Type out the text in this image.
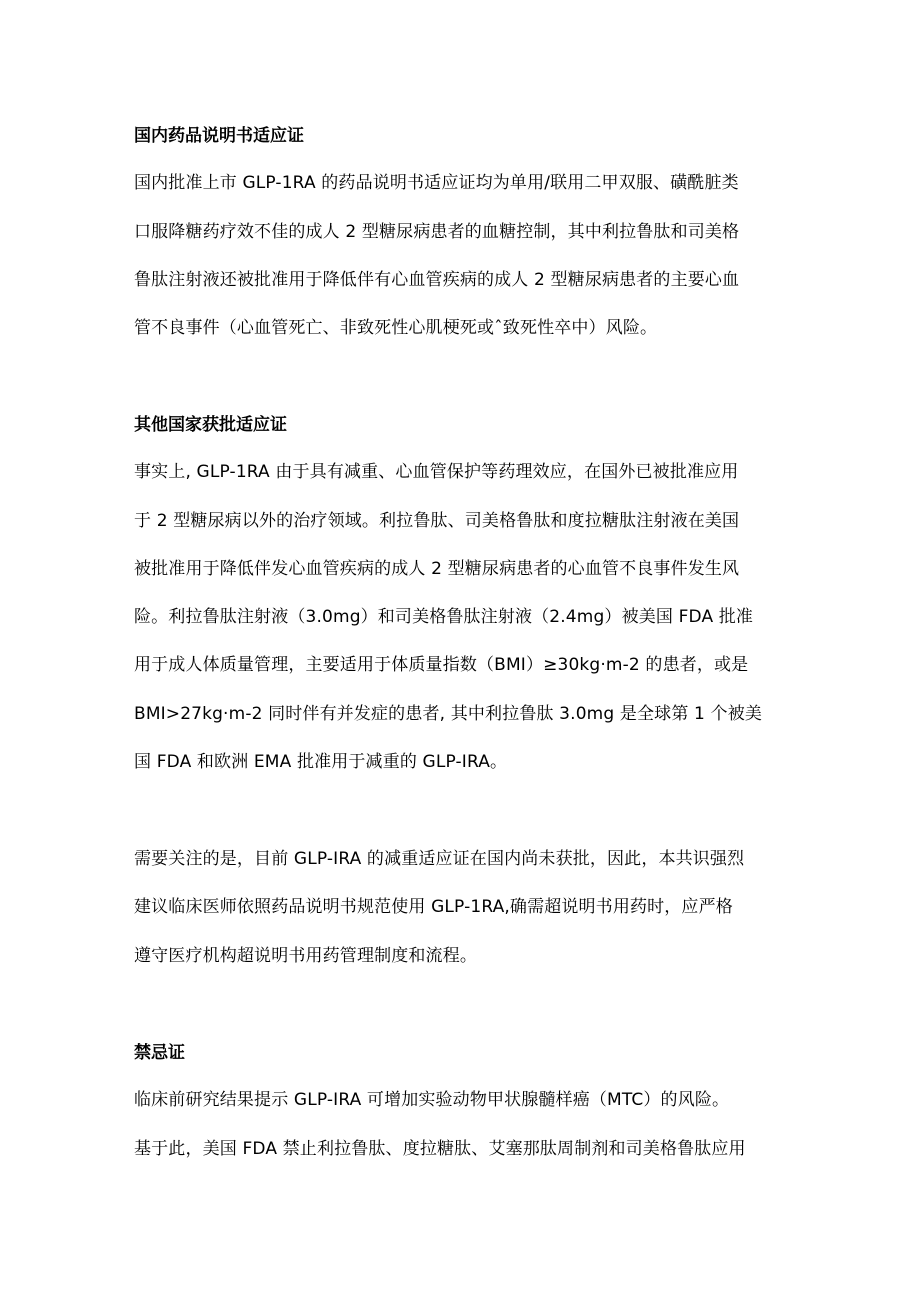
国内药品说明书适应证

国内批准上市 GLP-1RA 的药品说明书适应证均为单用/联用二甲双服、磺酰脏类

口服降糖药疗效不佳的成人 2 型糖尿病患者的血糖控制，其中利拉鲁肽和司美格

鲁肽注射液还被批准用于降低伴有心血管疾病的成人 2 型糖尿病患者的主要心血

管不良事件（心血管死亡、非致死性心肌梗死或ˆ致死性卒中）风险。

其他国家获批适应证

事实上, GLP-1RA 由于具有减重、心血管保护等药理效应，在国外已被批准应用

于 2 型糖尿病以外的治疗领域。利拉鲁肽、司美格鲁肽和度拉糖肽注射液在美国

被批准用于降低伴发心血管疾病的成人 2 型糖尿病患者的心血管不良事件发生风

险。利拉鲁肽注射液（3.0mg）和司美格鲁肽注射液（2.4mg）被美国 FDA 批准

用于成人体质量管理，主要适用于体质量指数（BMI）≥30kg·m-2 的患者，或是

BMI>27kg·m-2 同时伴有并发症的患者, 其中利拉鲁肽 3.0mg 是全球第 1 个被美

国 FDA 和欧洲 EMA 批准用于减重的 GLP-IRA。

需要关注的是，目前 GLP-IRA 的减重适应证在国内尚未获批，因此，本共识强烈

建议临床医师依照药品说明书规范使用 GLP-1RA,确需超说明书用药时，应严格

遵守医疗机构超说明书用药管理制度和流程。

禁忌证

临床前研究结果提示 GLP-IRA 可增加实验动物甲状腺髓样癌（MTC）的风险。

基于此，美国 FDA 禁止利拉鲁肽、度拉糖肽、艾塞那肽周制剂和司美格鲁肽应用
